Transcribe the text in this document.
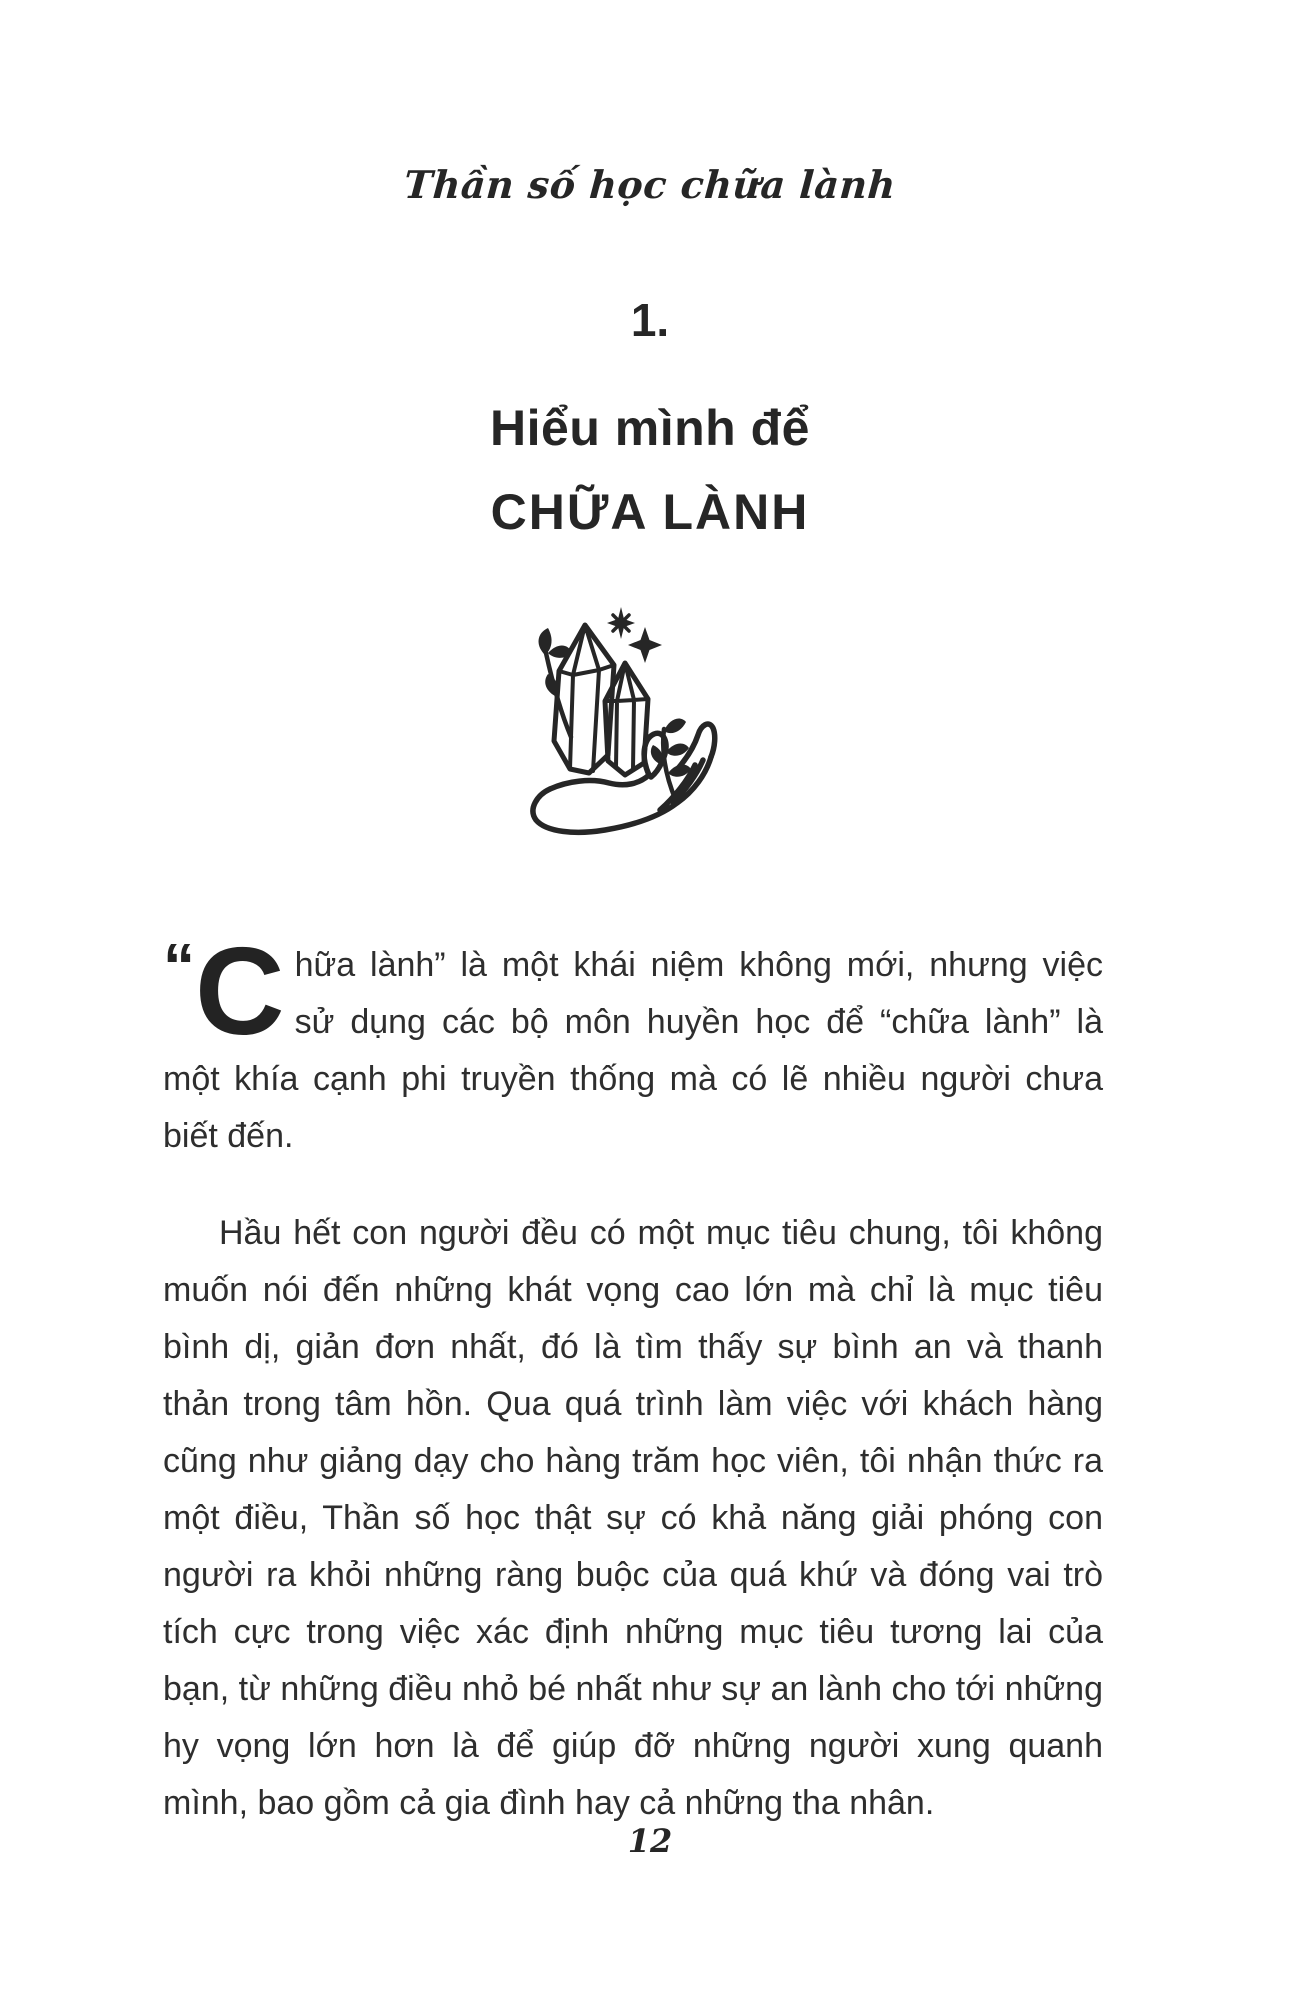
Thần số học chữa lành
1.
Hiểu mình để
CHỮA LÀNH

“ C hữa lành” là một khái niệm không mới, nhưng việc sử dụng các bộ môn huyền học để “chữa lành” là một khía cạnh phi truyền thống mà có lẽ nhiều người chưa biết đến.

Hầu hết con người đều có một mục tiêu chung, tôi không muốn nói đến những khát vọng cao lớn mà chỉ là mục tiêu bình dị, giản đơn nhất, đó là tìm thấy sự bình an và thanh thản trong tâm hồn. Qua quá trình làm việc với khách hàng cũng như giảng dạy cho hàng trăm học viên, tôi nhận thức ra một điều, Thần số học thật sự có khả năng giải phóng con người ra khỏi những ràng buộc của quá khứ và đóng vai trò tích cực trong việc xác định những mục tiêu tương lai của bạn, từ những điều nhỏ bé nhất như sự an lành cho tới những hy vọng lớn hơn là để giúp đỡ những người xung quanh mình, bao gồm cả gia đình hay cả những tha nhân.

12
